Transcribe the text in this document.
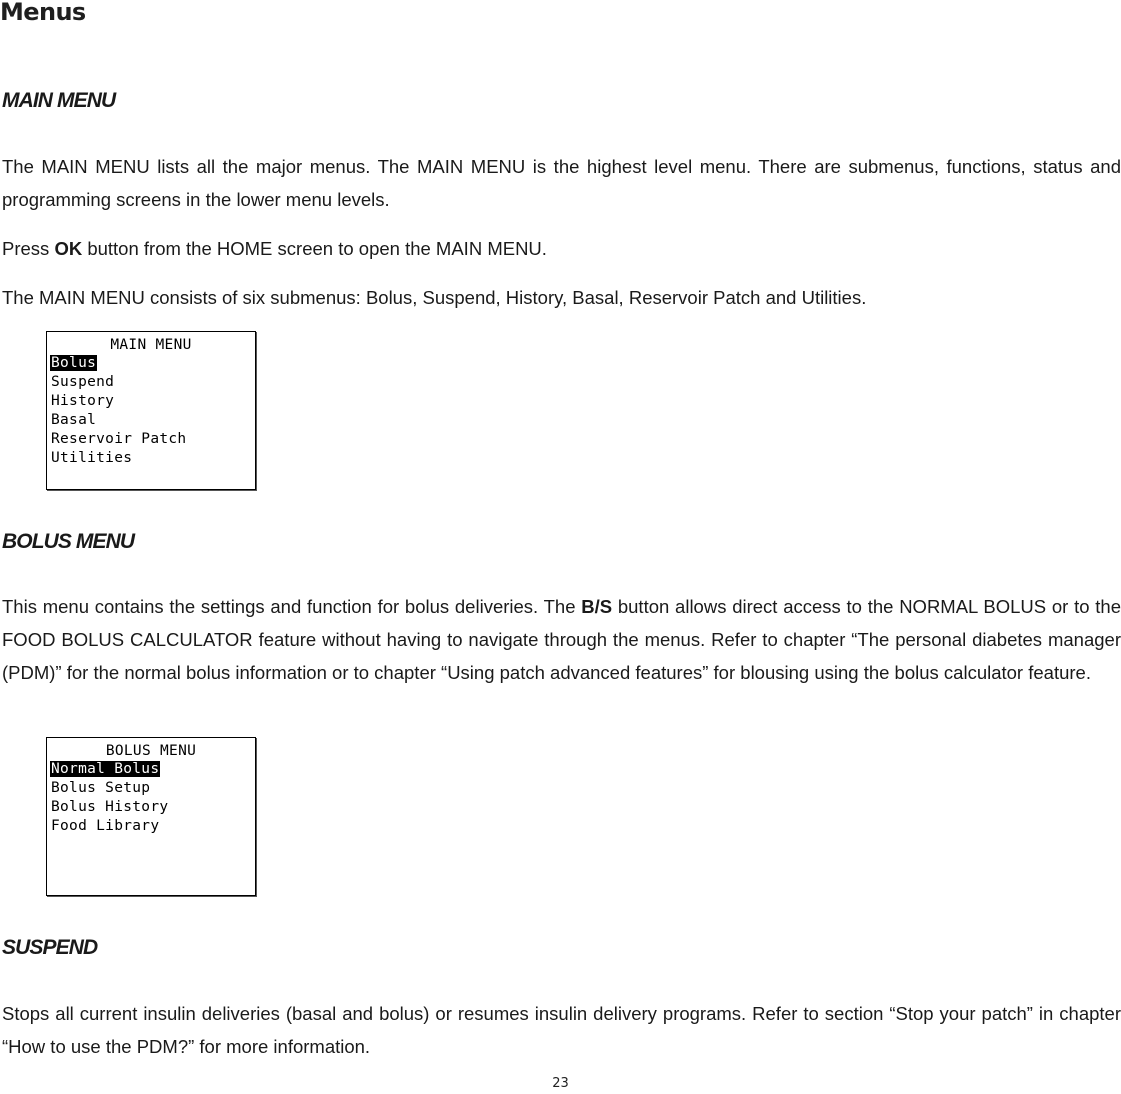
Menus
MAIN MENU

The MAIN MENU lists all the major menus. The MAIN MENU is the highest level menu. There are submenus, functions, status and programming screens in the lower menu levels.

Press OK button from the HOME screen to open the MAIN MENU.

The MAIN MENU consists of six submenus: Bolus, Suspend, History, Basal, Reservoir Patch and Utilities.

MAIN MENU
Bolus
Suspend
History
Basal
Reservoir Patch
Utilities
BOLUS MENU

This menu contains the settings and function for bolus deliveries. The B/S button allows direct access to the NORMAL BOLUS or to the FOOD BOLUS CALCULATOR feature without having to navigate through the menus. Refer to chapter “The personal diabetes manager (PDM)” for the normal bolus information or to chapter “Using patch advanced features” for blousing using the bolus calculator feature.

BOLUS MENU
Normal Bolus
Bolus Setup
Bolus History
Food Library
SUSPEND

Stops all current insulin deliveries (basal and bolus) or resumes insulin delivery programs. Refer to section “Stop your patch” in chapter “How to use the PDM?” for more information.

23
